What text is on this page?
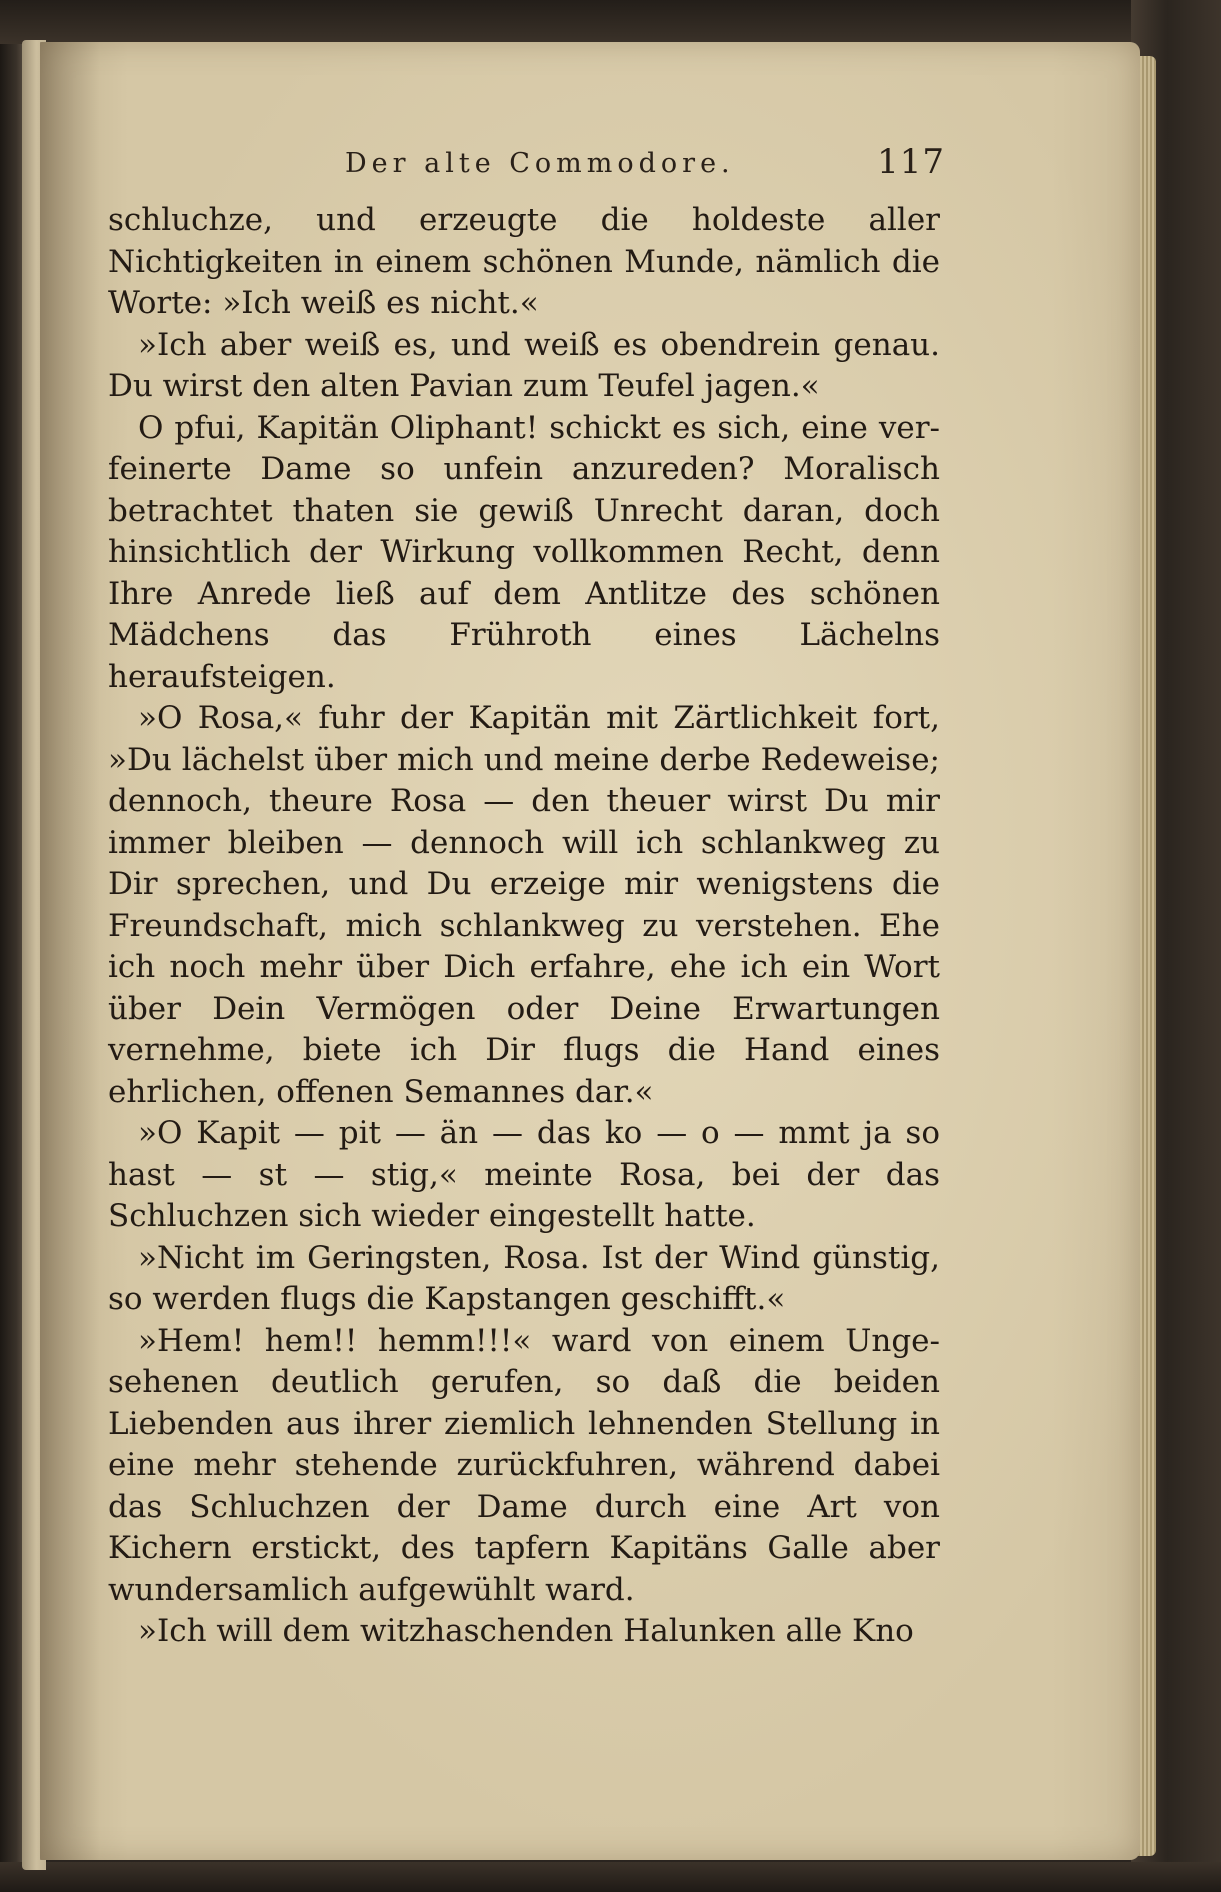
Der alte Commodore.	117

schluchze, und erzeugte die holdeste aller Nichtigkeiten in einem schönen Munde, nämlich die Worte: »Ich weiß es nicht.«

»Ich aber weiß es, und weiß es obendrein genau. Du wirst den alten Pavian zum Teufel jagen.«

O pfui, Kapitän Oliphant! schickt es sich, eine verfeinerte Dame so unfein anzureden? Moralisch betrachtet thaten sie gewiß Unrecht daran, doch hinsichtlich der Wirkung vollkommen Recht, denn Ihre Anrede ließ auf dem Antlitze des schönen Mädchens das Frühroth eines Lächelns heraufsteigen.

»O Rosa,« fuhr der Kapitän mit Zärtlichkeit fort, »Du lächelst über mich und meine derbe Redeweise; dennoch, theure Rosa — den theuer wirst Du mir immer bleiben — dennoch will ich schlankweg zu Dir sprechen, und Du erzeige mir wenigstens die Freundschaft, mich schlankweg zu verstehen. Ehe ich noch mehr über Dich erfahre, ehe ich ein Wort über Dein Vermögen oder Deine Erwartungen vernehme, biete ich Dir flugs die Hand eines ehrlichen, offenen Semannes dar.«

»O Kapit — pit — än — das ko — o — mmt ja so hast — st — stig,« meinte Rosa, bei der das Schluchzen sich wieder eingestellt hatte.

»Nicht im Geringsten, Rosa. Ist der Wind günstig, so werden flugs die Kapstangen geschifft.«

»Hem! hem!! hemm!!!« ward von einem Ungesehenen deutlich gerufen, so daß die beiden Liebenden aus ihrer ziemlich lehnenden Stellung in eine mehr stehende zurückfuhren, während dabei das Schluchzen der Dame durch eine Art von Kichern erstickt, des tapfern Kapitäns Galle aber wundersamlich aufgewühlt ward.

»Ich will dem witzhaschenden Halunken alle Kno
